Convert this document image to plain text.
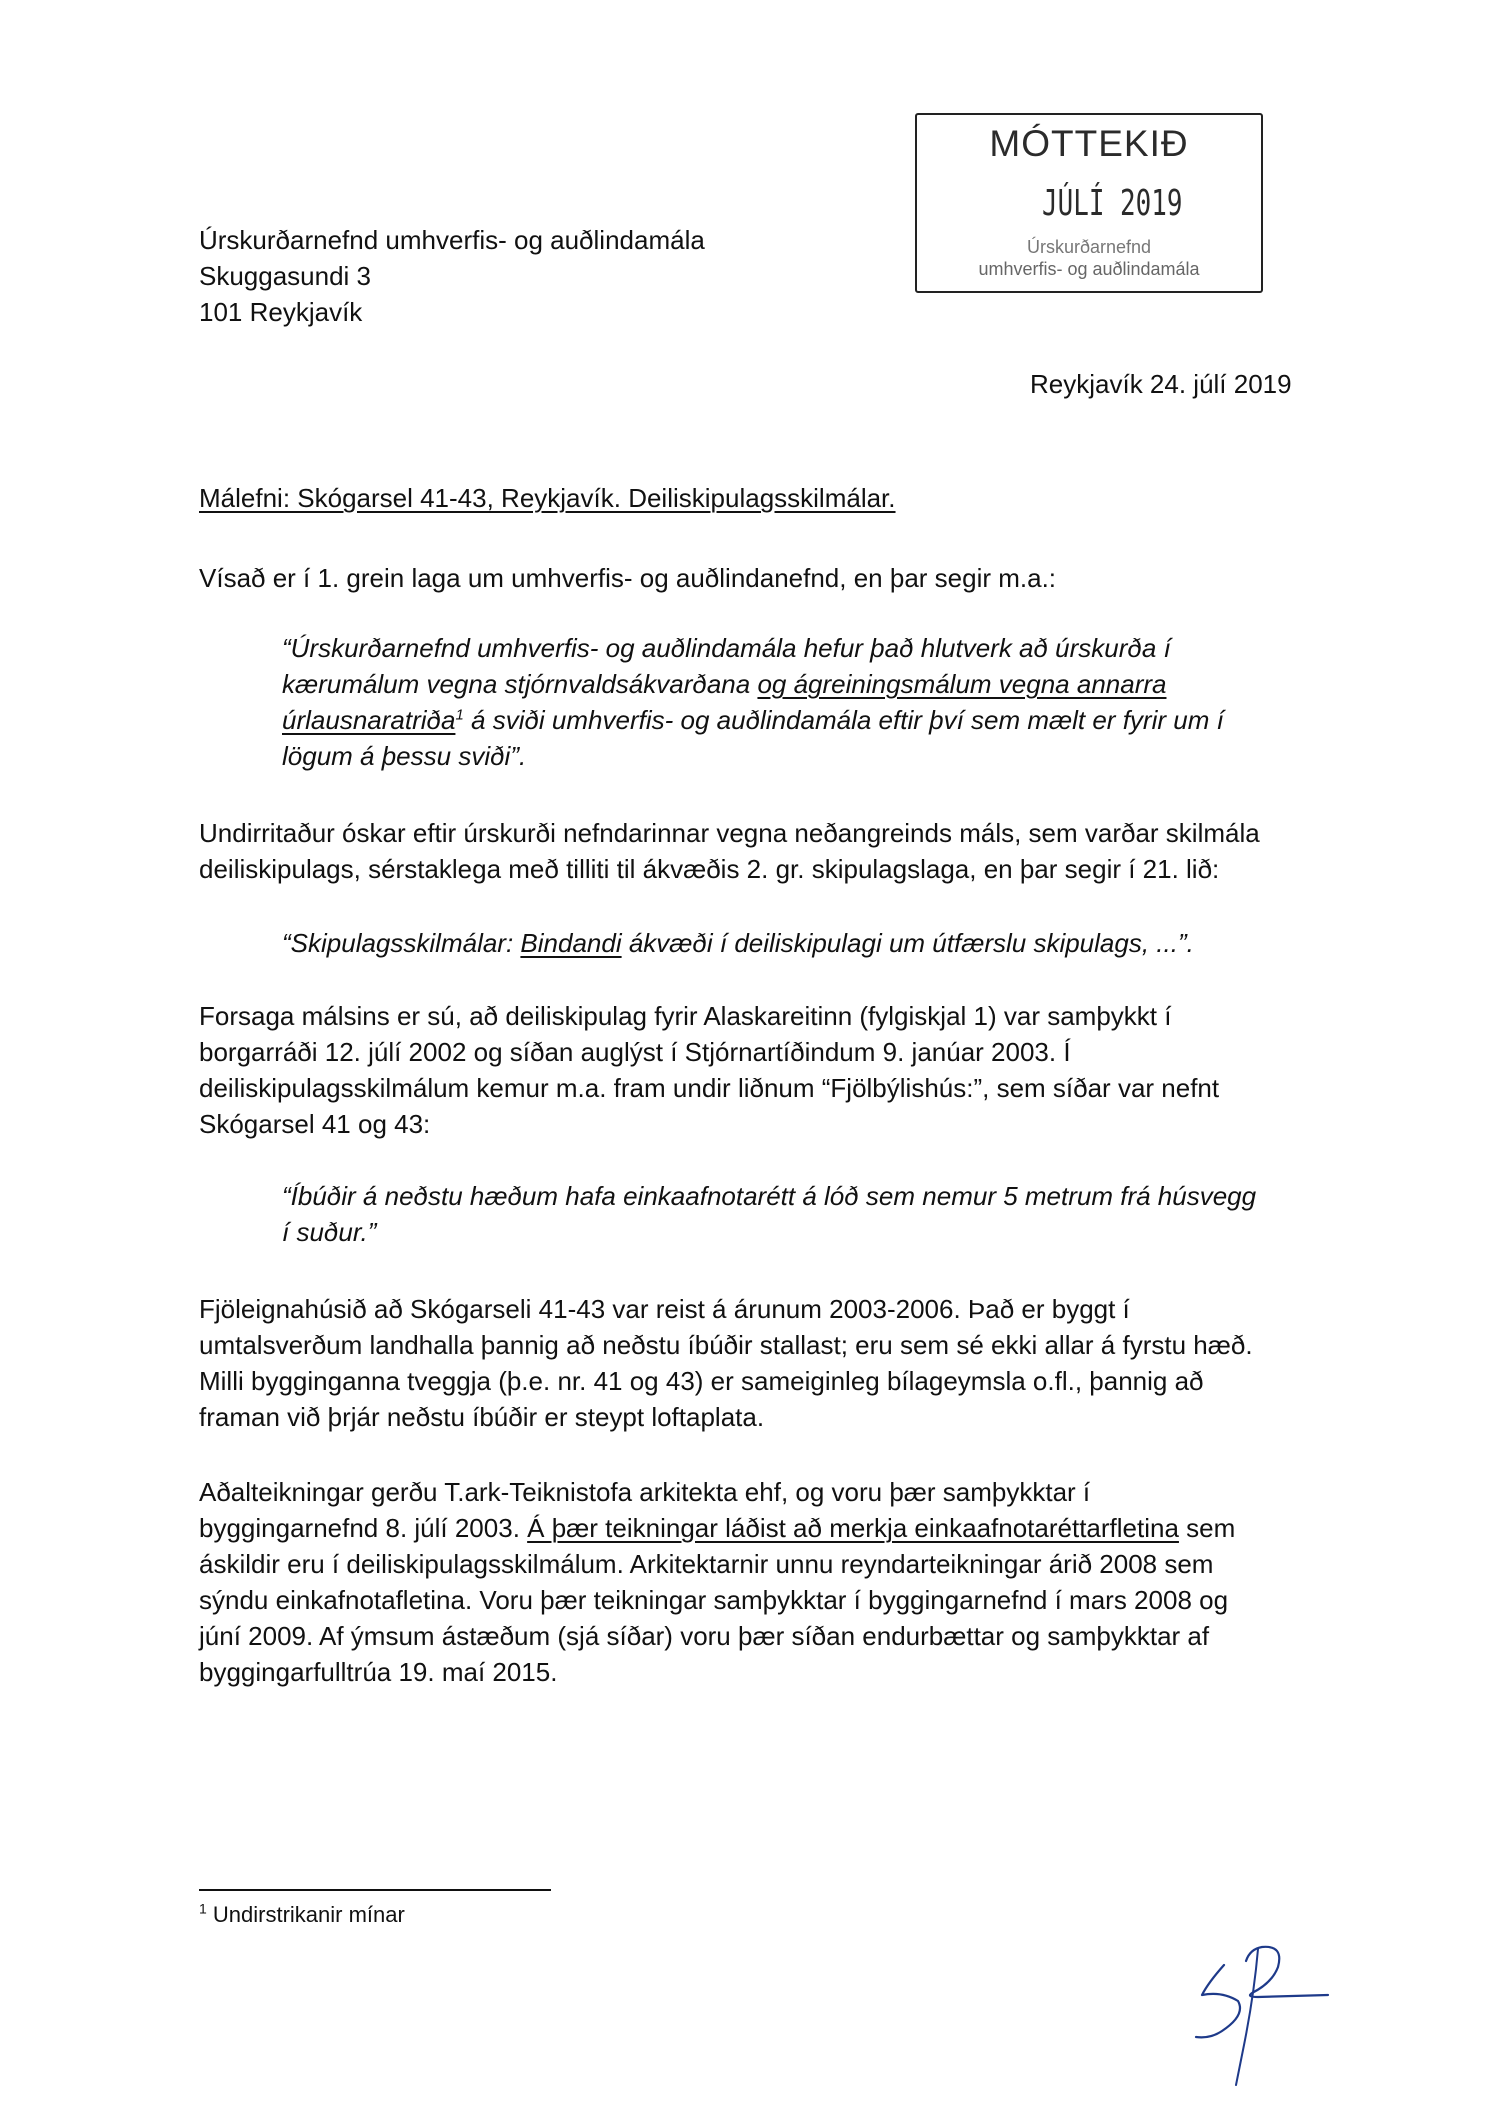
MÓTTEKIÐ
JÚLÍ 2019
Úrskurðarnefnd
umhverfis- og auðlindamála
Úrskurðarnefnd umhverfis- og auðlindamála
Skuggasundi 3
101 Reykjavík
Reykjavík 24. júlí 2019
Málefni: Skógarsel 41-43, Reykjavík. Deiliskipulagsskilmálar.
Vísað er í 1. grein laga um umhverfis- og auðlindanefnd, en þar segir m.a.:
“Úrskurðarnefnd umhverfis- og auðlindamála hefur það hlutverk að úrskurða í
kærumálum vegna stjórnvaldsákvarðana og ágreiningsmálum vegna annarra
úrlausnaratriða$^1$ á sviði umhverfis- og auðlindamála eftir því sem mælt er fyrir um í
lögum á þessu sviði”.
Undirritaður óskar eftir úrskurði nefndarinnar vegna neðangreinds máls, sem varðar skilmála
deiliskipulags, sérstaklega með tilliti til ákvæðis 2. gr. skipulagslaga, en þar segir í 21. lið:
“Skipulagsskilmálar: Bindandi ákvæði í deiliskipulagi um útfærslu skipulags, ...”.
Forsaga málsins er sú, að deiliskipulag fyrir Alaskareitinn (fylgiskjal 1) var samþykkt í
borgarráði 12. júlí 2002 og síðan auglýst í Stjórnartíðindum 9. janúar 2003. Í
deiliskipulagsskilmálum kemur m.a. fram undir liðnum “Fjölbýlishús:”, sem síðar var nefnt
Skógarsel 41 og 43:
“Íbúðir á neðstu hæðum hafa einkaafnotarétt á lóð sem nemur 5 metrum frá húsvegg
í suður.”
Fjöleignahúsið að Skógarseli 41-43 var reist á árunum 2003-2006. Það er byggt í
umtalsverðum landhalla þannig að neðstu íbúðir stallast; eru sem sé ekki allar á fyrstu hæð.
Milli bygginganna tveggja (þ.e. nr. 41 og 43) er sameiginleg bílageymsla o.fl., þannig að
framan við þrjár neðstu íbúðir er steypt loftaplata.
Aðalteikningar gerðu T.ark-Teiknistofa arkitekta ehf, og voru þær samþykktar í
byggingarnefnd 8. júlí 2003. Á þær teikningar láðist að merkja einkaafnotaréttarfletina sem
áskildir eru í deiliskipulagsskilmálum. Arkitektarnir unnu reyndarteikningar árið 2008 sem
sýndu einkafnotafletina. Voru þær teikningar samþykktar í byggingarnefnd í mars 2008 og
júní 2009. Af ýmsum ástæðum (sjá síðar) voru þær síðan endurbættar og samþykktar af
byggingarfulltrúa 19. maí 2015.
$^1$ Undirstrikanir mínar
